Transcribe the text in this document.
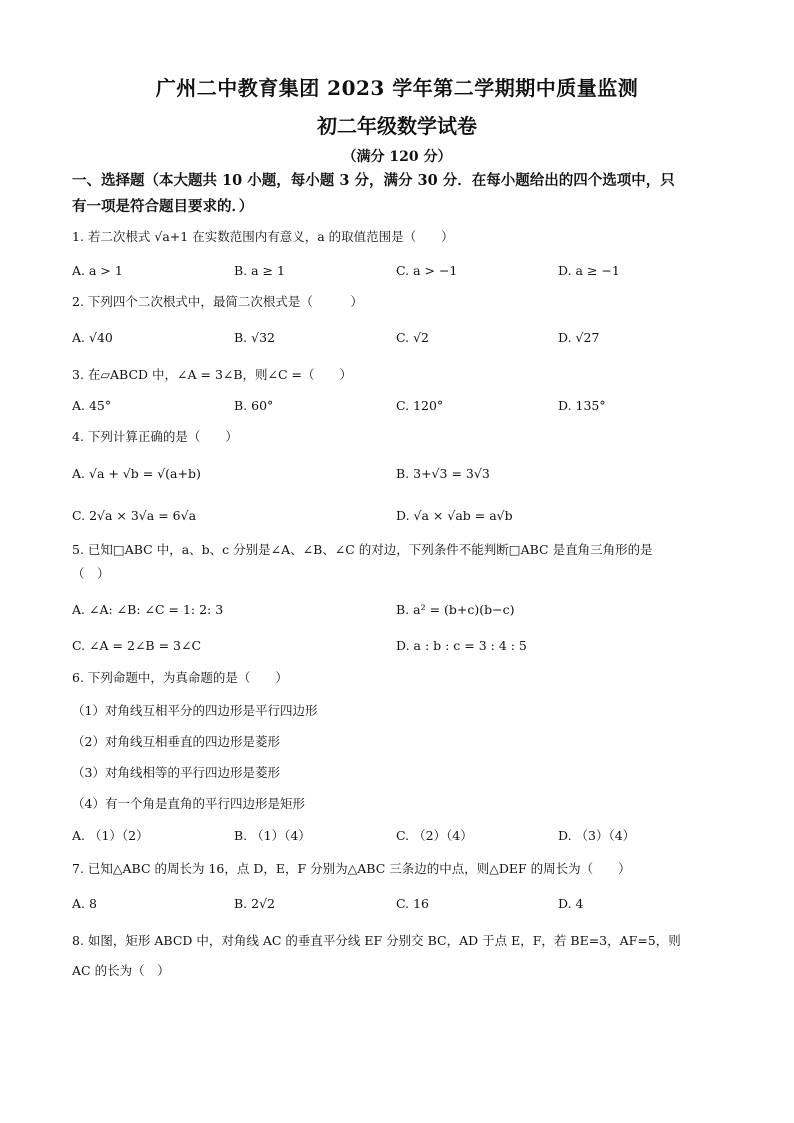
广州二中教育集团 2023 学年第二学期期中质量监测
初二年级数学试卷
（满分 120 分）
一、选择题（本大题共 10 小题，每小题 3 分，满分 30 分．在每小题给出的四个选项中，只
有一项是符合题目要求的．）
1. 若二次根式 √a+1 在实数范围内有意义，a 的取值范围是（　　）
A. a > 1	B. a ≥ 1	C. a > −1	D. a ≥ −1
2. 下列四个二次根式中，最简二次根式是（　　　）
A. √40	B. √32	C. √2	D. √27
3. 在▱ABCD 中，∠A = 3∠B，则∠C =（　　）
A. 45°	B. 60°	C. 120°	D. 135°
4. 下列计算正确的是（　　）
A. √a + √b = √(a+b)	B. 3+√3 = 3√3
C. 2√a × 3√a = 6√a	D. √a × √ab = a√b
5. 已知□ABC 中，a、b、c 分别是∠A、∠B、∠C 的对边，下列条件不能判断□ABC 是直角三角形的是
（　）
A. ∠A: ∠B: ∠C = 1: 2: 3	B. a² = (b+c)(b−c)
C. ∠A = 2∠B = 3∠C	D. a : b : c = 3 : 4 : 5
6. 下列命题中，为真命题的是（　　）
（1）对角线互相平分的四边形是平行四边形
（2）对角线互相垂直的四边形是菱形
（3）对角线相等的平行四边形是菱形
（4）有一个角是直角的平行四边形是矩形
A. （1）（2）	B. （1）（4）	C. （2）（4）	D. （3）（4）
7. 已知△ABC 的周长为 16，点 D，E，F 分别为△ABC 三条边的中点，则△DEF 的周长为（　　）
A. 8	B. 2√2	C. 16	D. 4
8. 如图，矩形 ABCD 中，对角线 AC 的垂直平分线 EF 分别交 BC，AD 于点 E，F，若 BE=3，AF=5，则
AC 的长为（　）
